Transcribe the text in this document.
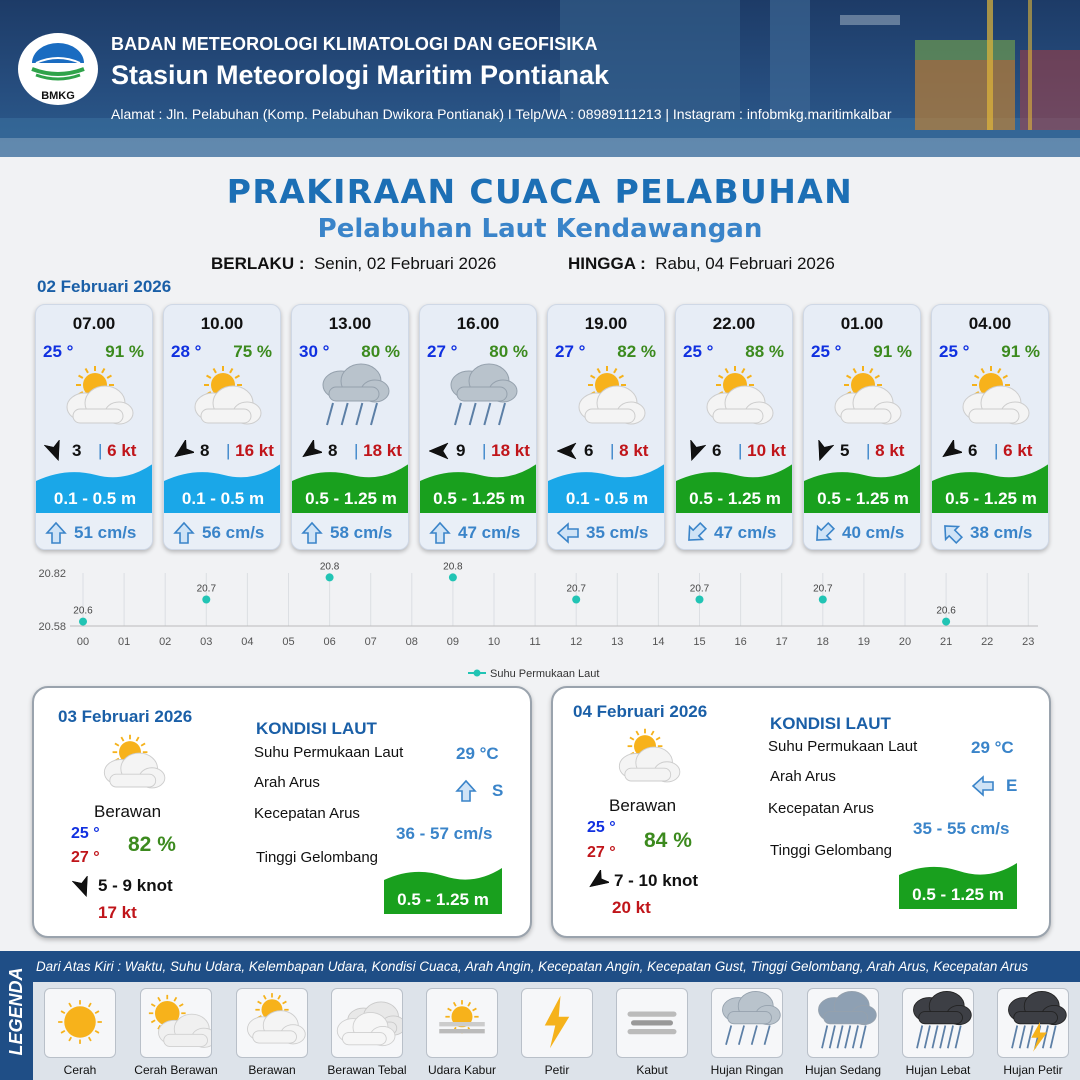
BMKG
BADAN METEOROLOGI KLIMATOLOGI DAN GEOFISIKA
Stasiun Meteorologi Maritim Pontianak
Alamat : Jln. Pelabuhan (Komp. Pelabuhan Dwikora Pontianak) I Telp/WA : 08989111213 | Instagram : infobmkg.maritimkalbar
PRAKIRAAN CUACA PELABUHAN
Pelabuhan Laut Kendawangan
BERLAKU : Senin, 02 Februari 2026	HINGGA : Rabu, 04 Februari 2026
02 Februari 2026
07.00
25 ° 91 %
3 | 6 kt
0.1 - 0.5 m
51 cm/s
10.00
28 ° 75 %
8 | 16 kt
0.1 - 0.5 m
56 cm/s
13.00
30 ° 80 %
8 | 18 kt
0.5 - 1.25 m
58 cm/s
16.00
27 ° 80 %
9 | 18 kt
0.5 - 1.25 m
47 cm/s
19.00
27 ° 82 %
6 | 8 kt
0.1 - 0.5 m
35 cm/s
22.00
25 ° 88 %
6 | 10 kt
0.5 - 1.25 m
47 cm/s
01.00
25 ° 91 %
5 | 8 kt
0.5 - 1.25 m
40 cm/s
04.00
25 ° 91 %
6 | 6 kt
0.5 - 1.25 m
38 cm/s
00	01	02	03	04	05	06	07	08	09	10	11	12	13	14	15	16	17	18	19	20	21	22	23
20.82
20.58
20.6
20.7
20.8	20.8
20.7	20.7	20.7
20.6
Suhu Permukaan Laut
03 Februari 2026
Berawan
25 °
27 °
82 %
5 - 9 knot
17 kt
KONDISI LAUT
Suhu Permukaan Laut	29 °C
Arah Arus	S
Kecepatan Arus
36 - 57 cm/s
Tinggi Gelombang
0.5 - 1.25 m
04 Februari 2026
Berawan
25 °
27 °
84 %
7 - 10 knot
20 kt
KONDISI LAUT
Suhu Permukaan Laut	29 °C
Arah Arus	E
Kecepatan Arus
35 - 55 cm/s
Tinggi Gelombang
0.5 - 1.25 m
LEGENDA
Dari Atas Kiri : Waktu, Suhu Udara, Kelembapan Udara, Kondisi Cuaca, Arah Angin, Kecepatan Angin, Kecepatan Gust, Tinggi Gelombang, Arah Arus, Kecepatan Arus
Cerah	Cerah Berawan	Berawan	Berawan Tebal	Udara Kabur	Petir	Kabut	Hujan Ringan	Hujan Sedang	Hujan Lebat	Hujan Petir
